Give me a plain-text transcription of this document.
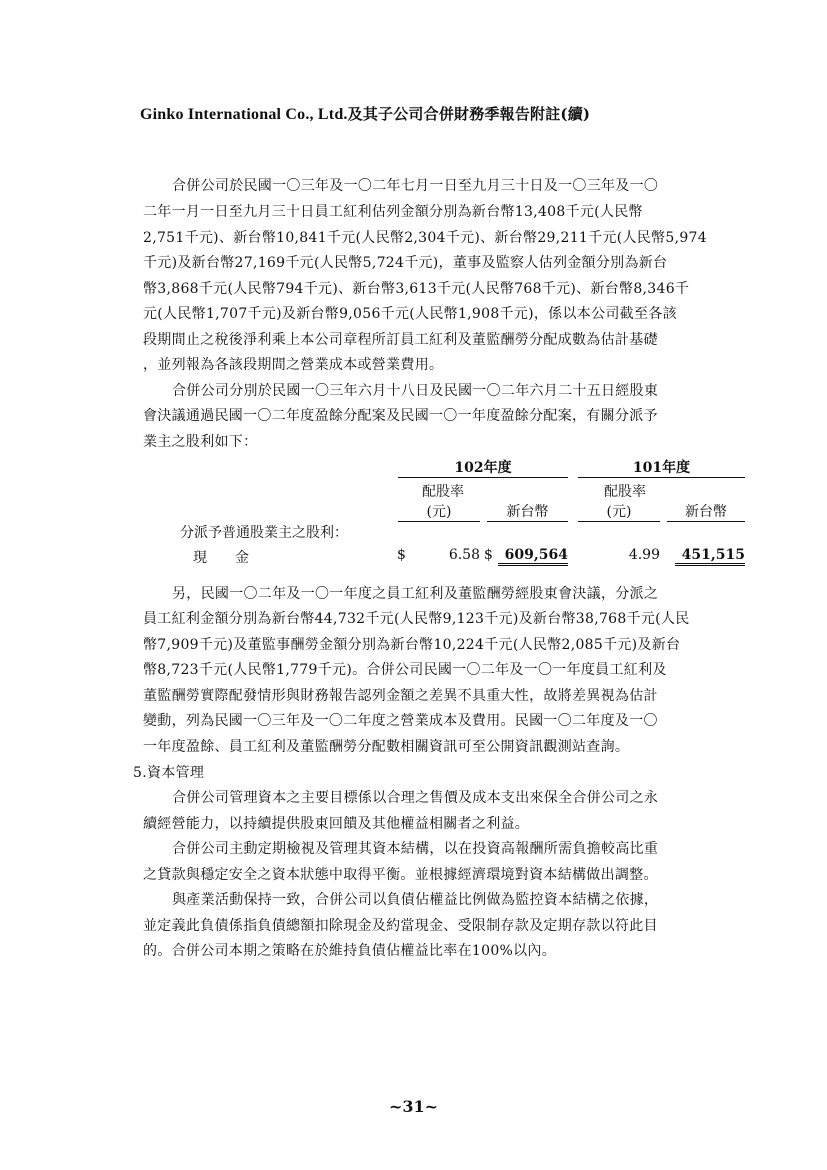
Ginko International Co., Ltd.及其子公司合併財務季報告附註(續)
合併公司於民國一〇三年及一〇二年七月一日至九月三十日及一〇三年及一〇
二年一月一日至九月三十日員工紅利估列金額分別為新台幣13,408千元(人民幣
2,751千元)、新台幣10,841千元(人民幣2,304千元)、新台幣29,211千元(人民幣5,974
千元)及新台幣27,169千元(人民幣5,724千元)，董事及監察人估列金額分別為新台
幣3,868千元(人民幣794千元)、新台幣3,613千元(人民幣768千元)、新台幣8,346千
元(人民幣1,707千元)及新台幣9,056千元(人民幣1,908千元)，係以本公司截至各該
段期間止之稅後淨利乘上本公司章程所訂員工紅利及董監酬勞分配成數為估計基礎
，並列報為各該段期間之營業成本或營業費用。
合併公司分別於民國一〇三年六月十八日及民國一〇二年六月二十五日經股東
會決議通過民國一〇二年度盈餘分配案及民國一〇一年度盈餘分配案，有關分派予
業主之股利如下：
102年度	101年度
配股率
(元)	新台幣
配股率
(元)	新台幣
分派予普通股業主之股利：
現　　金	$	6.58 $ 609,564	4.99	451,515
另，民國一〇二年及一〇一年度之員工紅利及董監酬勞經股東會決議，分派之
員工紅利金額分別為新台幣44,732千元(人民幣9,123千元)及新台幣38,768千元(人民
幣7,909千元)及董監事酬勞金額分別為新台幣10,224千元(人民幣2,085千元)及新台
幣8,723千元(人民幣1,779千元)。合併公司民國一〇二年及一〇一年度員工紅利及
董監酬勞實際配發情形與財務報告認列金額之差異不具重大性，故將差異視為估計
變動，列為民國一〇三年及一〇二年度之營業成本及費用。民國一〇二年度及一〇
一年度盈餘、員工紅利及董監酬勞分配數相關資訊可至公開資訊觀測站查詢。
5.資本管理
合併公司管理資本之主要目標係以合理之售價及成本支出來保全合併公司之永
續經營能力，以持續提供股東回饋及其他權益相關者之利益。
合併公司主動定期檢視及管理其資本結構，以在投資高報酬所需負擔較高比重
之貸款與穩定安全之資本狀態中取得平衡。並根據經濟環境對資本結構做出調整。
與產業活動保持一致，合併公司以負債佔權益比例做為監控資本結構之依據，
並定義此負債係指負債總額扣除現金及約當現金、受限制存款及定期存款以符此目
的。合併公司本期之策略在於維持負債佔權益比率在100%以內。
~31~
